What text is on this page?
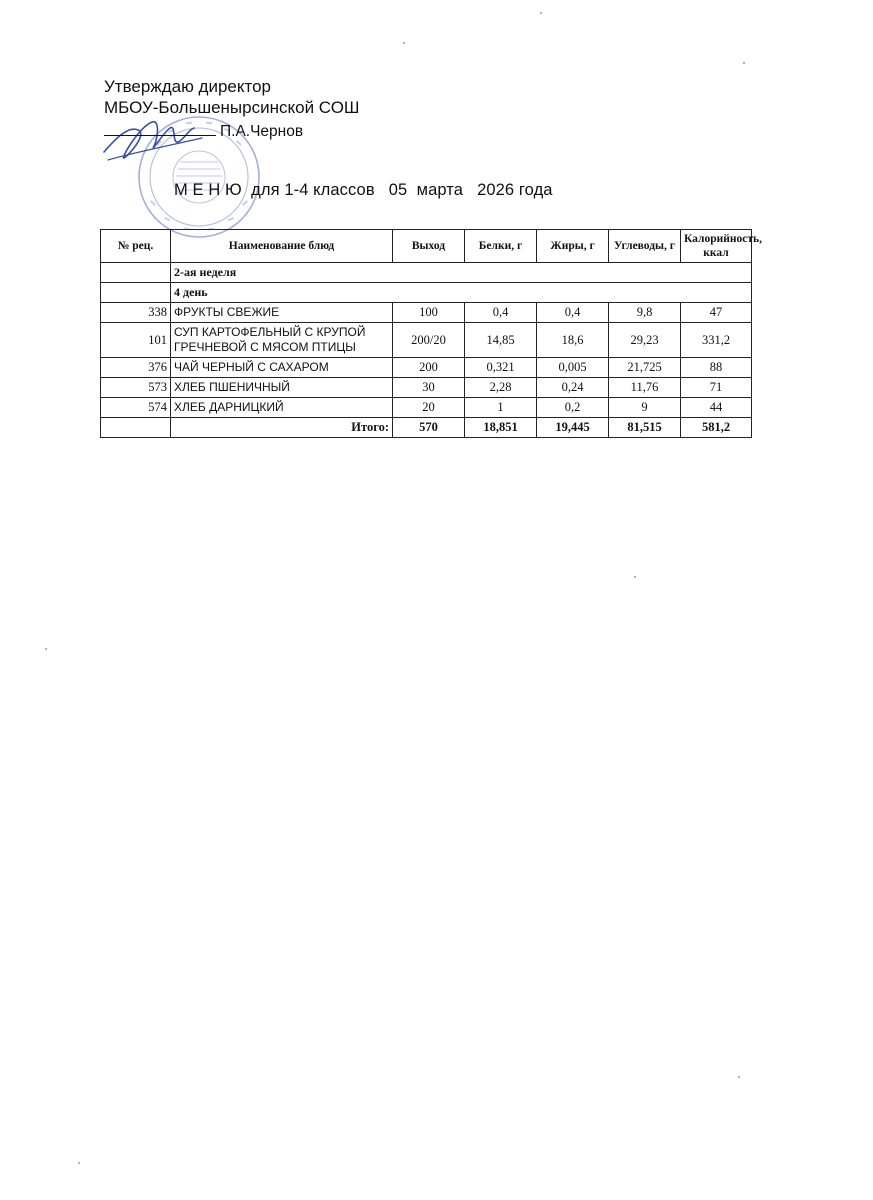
Утверждаю директор
МБОУ-Большенырсинской СОШ
П.А.Чернов
М Е Н Ю  для 1-4 классов   05  марта   2026 года
№ рец.	Наименование блюд	Выход	Белки, г	Жиры, г	Углеводы, г	Калорийность, ккал
	2-ая неделя					
	4 день					
338	ФРУКТЫ СВЕЖИЕ	100	0,4	0,4	9,8	47
101	СУП КАРТОФЕЛЬНЫЙ С КРУПОЙ ГРЕЧНЕВОЙ С МЯСОМ ПТИЦЫ	200/20	14,85	18,6	29,23	331,2
376	ЧАЙ ЧЕРНЫЙ С САХАРОМ	200	0,321	0,005	21,725	88
573	ХЛЕБ ПШЕНИЧНЫЙ	30	2,28	0,24	11,76	71
574	ХЛЕБ ДАРНИЦКИЙ	20	1	0,2	9	44
	Итого:	570	18,851	19,445	81,515	581,2
